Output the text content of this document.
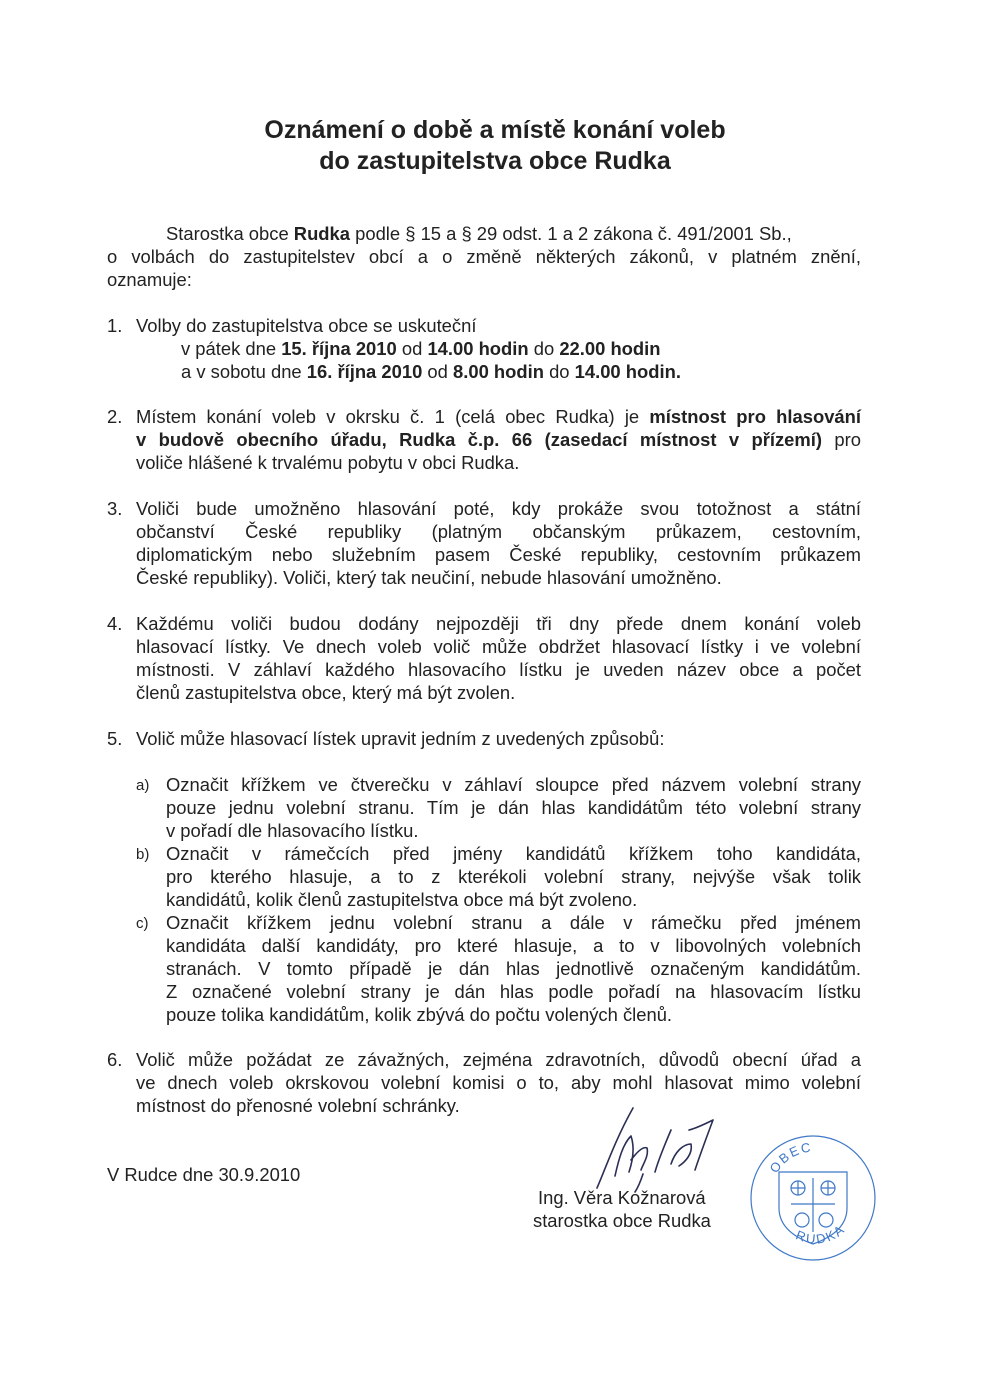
Oznámení o době a místě konání voleb
do zastupitelstva obce Rudka
Starostka obce Rudka podle § 15 a § 29 odst. 1 a 2 zákona č. 491/2001 Sb.,
o volbách do zastupitelstev obcí a o změně některých zákonů, v platném znění,
oznamuje:
1. Volby do zastupitelstva obce se uskuteční
v pátek dne 15. října 2010 od 14.00 hodin do 22.00 hodin
a v sobotu dne 16. října 2010 od 8.00 hodin do 14.00 hodin.
2. Místem konání voleb v okrsku č. 1 (celá obec Rudka) je místnost pro hlasování
v budově obecního úřadu, Rudka č.p. 66 (zasedací místnost v přízemí) pro
voliče hlášené k trvalému pobytu v obci Rudka.
3. Voliči bude umožněno hlasování poté, kdy prokáže svou totožnost a státní
občanství České republiky (platným občanským průkazem, cestovním,
diplomatickým nebo služebním pasem České republiky, cestovním průkazem
České republiky). Voliči, který tak neučiní, nebude hlasování umožněno.
4. Každému voliči budou dodány nejpozději tři dny přede dnem konání voleb
hlasovací lístky. Ve dnech voleb volič může obdržet hlasovací lístky i ve volební
místnosti. V záhlaví každého hlasovacího lístku je uveden název obce a počet
členů zastupitelstva obce, který má být zvolen.
5. Volič může hlasovací lístek upravit jedním z uvedených způsobů:
a) Označit křížkem ve čtverečku v záhlaví sloupce před názvem volební strany
pouze jednu volební stranu. Tím je dán hlas kandidátům této volební strany
v pořadí dle hlasovacího lístku.
b) Označit v rámečcích před jmény kandidátů křížkem toho kandidáta,
pro kterého hlasuje, a to z kterékoli volební strany, nejvýše však tolik
kandidátů, kolik členů zastupitelstva obce má být zvoleno.
c) Označit křížkem jednu volební stranu a dále v rámečku před jménem
kandidáta další kandidáty, pro které hlasuje, a to v libovolných volebních
stranách. V tomto případě je dán hlas jednotlivě označeným kandidátům.
Z označené volební strany je dán hlas podle pořadí na hlasovacím lístku
pouze tolika kandidátům, kolik zbývá do počtu volených členů.
6. Volič může požádat ze závažných, zejména zdravotních, důvodů obecní úřad a
ve dnech voleb okrskovou volební komisi o to, aby mohl hlasovat mimo volební
místnost do přenosné volební schránky.
V Rudce dne 30.9.2010
Ing. Věra Kožnarová
starostka obce Rudka
OBEC
RUDKA
